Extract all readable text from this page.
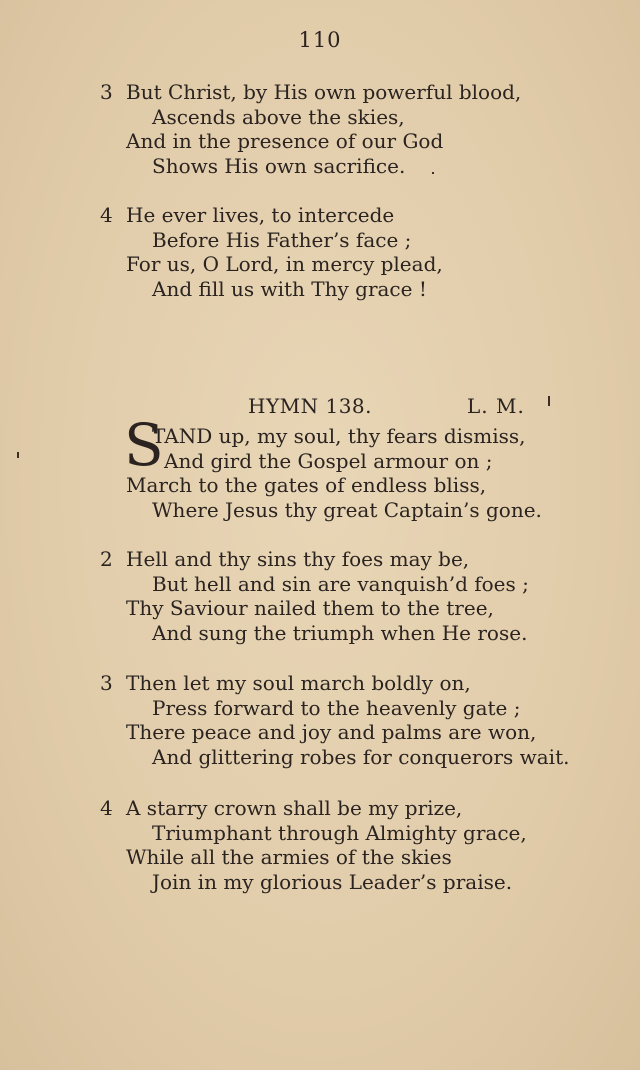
110
3 But Christ, by His own powerful blood,
Ascends above the skies,
And in the presence of our God
Shows His own sacrifice.
4 He ever lives, to intercede
Before His Father’s face ;
For us, O Lord, in mercy plead,
And fill us with Thy grace !
HYMN 138.	L. M.
S
TAND up, my soul, thy fears dismiss,
And gird the Gospel armour on ;
March to the gates of endless bliss,
Where Jesus thy great Captain’s gone.
2 Hell and thy sins thy foes may be,
But hell and sin are vanquish’d foes ;
Thy Saviour nailed them to the tree,
And sung the triumph when He rose.
3 Then let my soul march boldly on,
Press forward to the heavenly gate ;
There peace and joy and palms are won,
And glittering robes for conquerors wait.
4 A starry crown shall be my prize,
Triumphant through Almighty grace,
While all the armies of the skies
Join in my glorious Leader’s praise.
